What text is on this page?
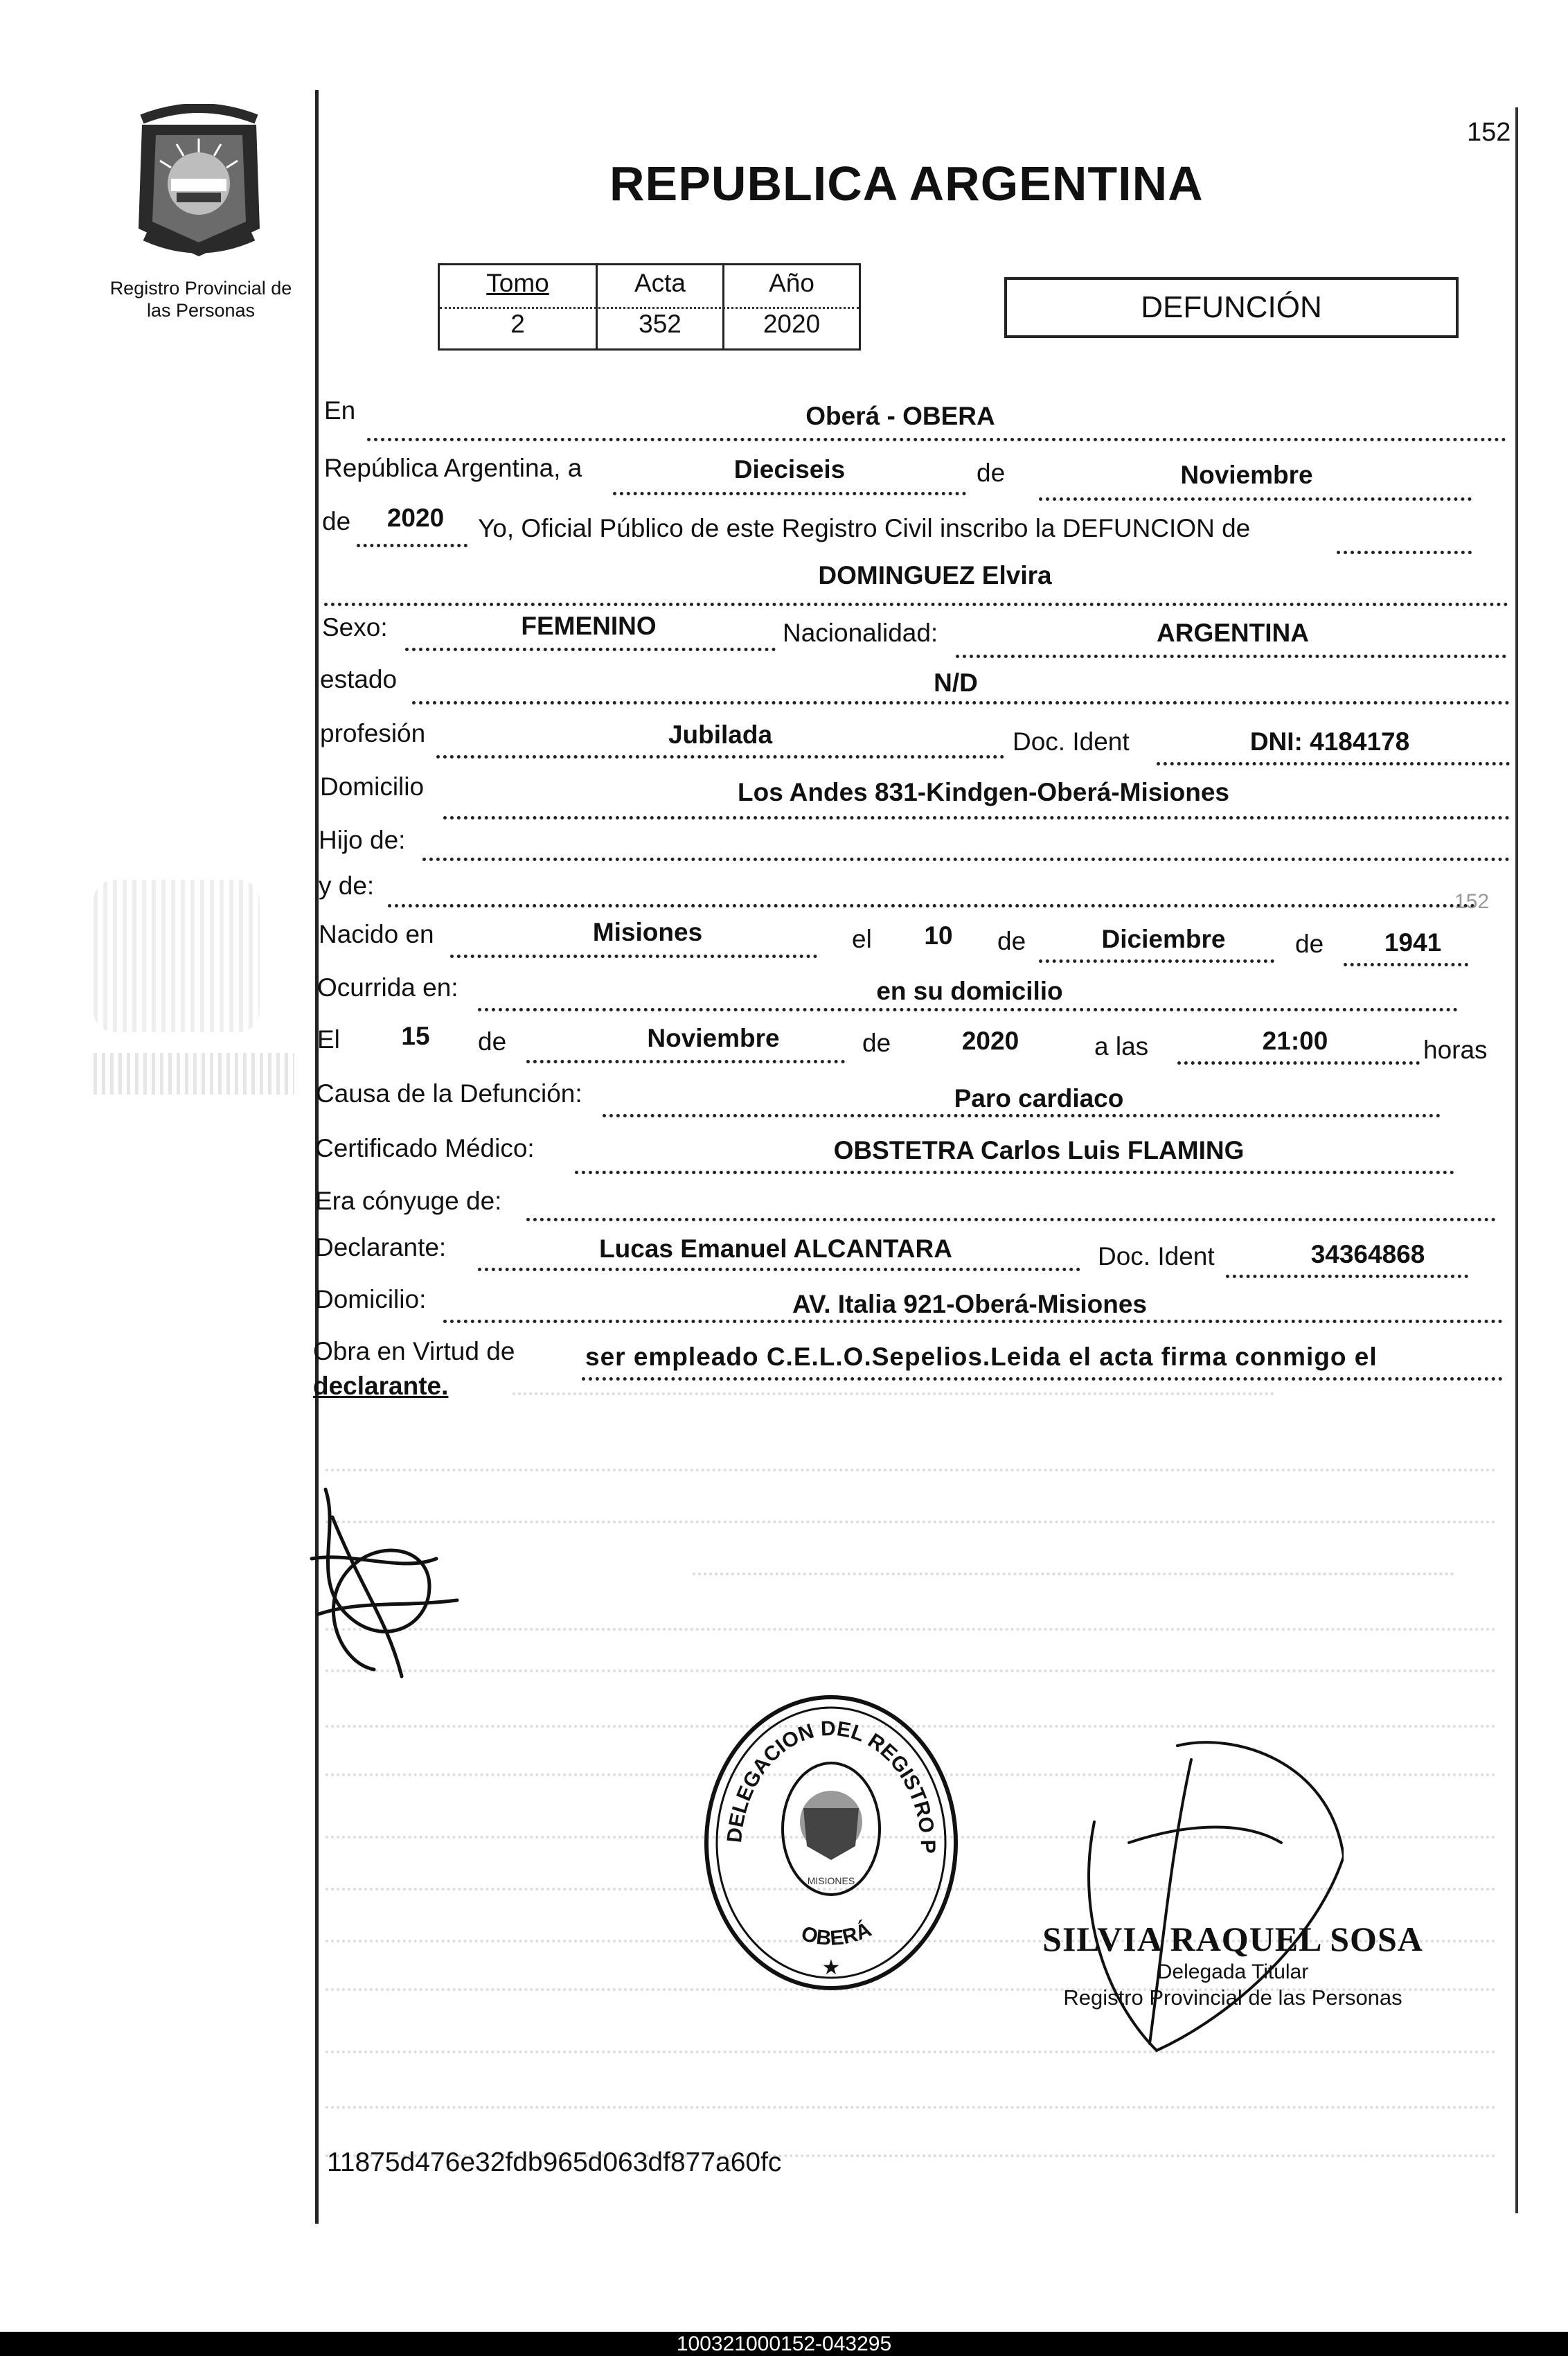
152
Registro Provincial de
las Personas
REPUBLICA ARGENTINA
Tomo	Acta	Año
2	352	2020	DEFUNCIÓN
En	Oberá - OBERA
República Argentina, a	Dieciseis	de	Noviembre
de	2020	Yo, Oficial Público de este Registro Civil inscribo la DEFUNCION de
DOMINGUEZ Elvira
Sexo:	FEMENINO	Nacionalidad:	ARGENTINA
estado	N/D
profesión	Jubilada	Doc. Ident	DNI: 4184178
Domicilio	Los Andes 831-Kindgen-Oberá-Misiones
Hijo de:
y de:
152
Nacido en	Misiones	el	10	de	Diciembre	de	1941
Ocurrida en:	en su domicilio
El	15	de	Noviembre	de	2020	a las	21:00	horas
Causa de la Defunción:	Paro cardiaco
Certificado Médico:	OBSTETRA Carlos Luis FLAMING
Era cónyuge de:
Declarante:	Lucas Emanuel ALCANTARA	Doc. Ident	34364868
Domicilio:	AV. Italia 921-Oberá-Misiones
Obra en Virtud de	ser empleado C.E.L.O.Sepelios.Leida el acta firma conmigo el
declarante.
DELEGACION DEL REGISTRO P
OBERÁ
MISIONES
★
SILVIA RAQUEL SOSA
Delegada Titular
Registro Provincial de las Personas
11875d476e32fdb965d063df877a60fc
100321000152-043295
